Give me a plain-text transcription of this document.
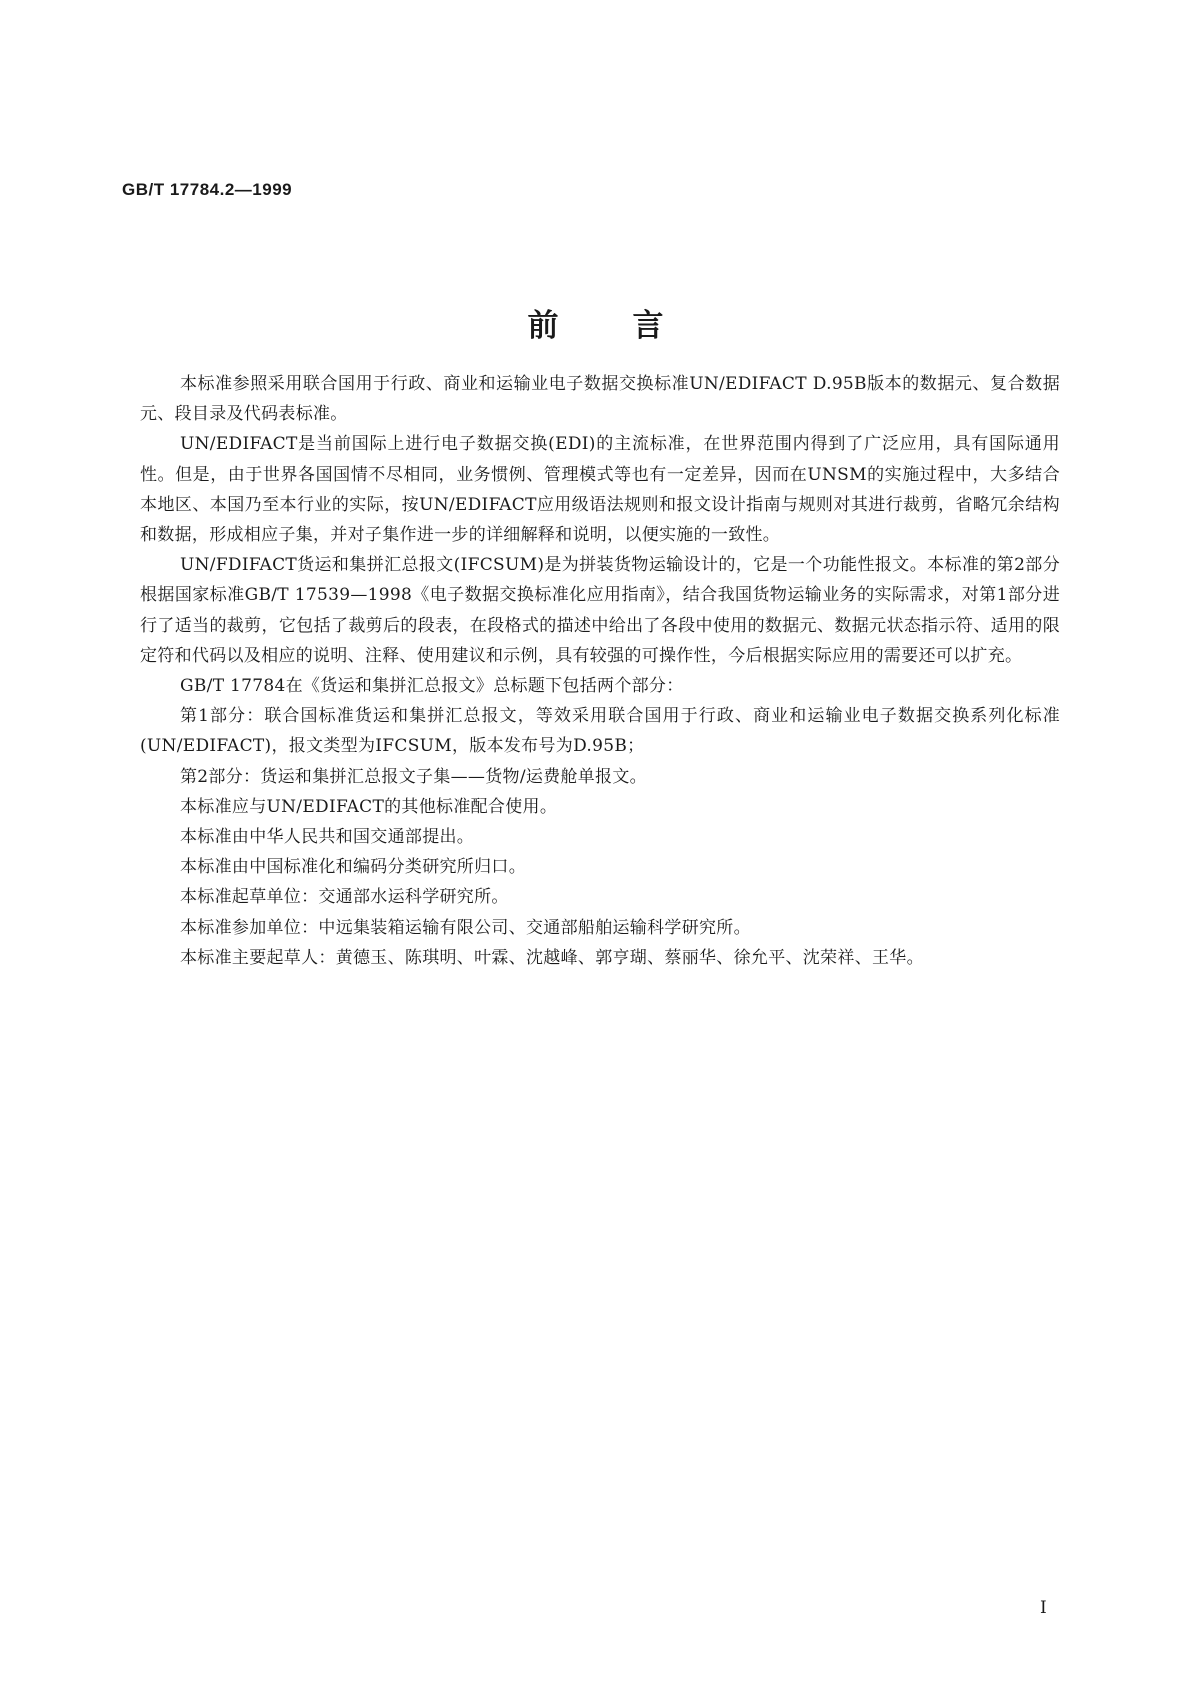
GB/T 17784.2—1999
前言

本标准参照采用联合国用于行政、商业和运输业电子数据交换标准UN/EDIFACT D.95B版本的数据元、复合数据元、段目录及代码表标准。

UN/EDIFACT是当前国际上进行电子数据交换(EDI)的主流标准，在世界范围内得到了广泛应用，具有国际通用性。但是，由于世界各国国情不尽相同，业务惯例、管理模式等也有一定差异，因而在UNSM的实施过程中，大多结合本地区、本国乃至本行业的实际，按UN/EDIFACT应用级语法规则和报文设计指南与规则对其进行裁剪，省略冗余结构和数据，形成相应子集，并对子集作进一步的详细解释和说明，以便实施的一致性。

UN/FDIFACT货运和集拼汇总报文(IFCSUM)是为拼装货物运输设计的，它是一个功能性报文。本标准的第2部分根据国家标准GB/T 17539—1998《电子数据交换标准化应用指南》，结合我国货物运输业务的实际需求，对第1部分进行了适当的裁剪，它包括了裁剪后的段表，在段格式的描述中给出了各段中使用的数据元、数据元状态指示符、适用的限定符和代码以及相应的说明、注释、使用建议和示例，具有较强的可操作性，今后根据实际应用的需要还可以扩充。

GB/T 17784在《货运和集拼汇总报文》总标题下包括两个部分：

第1部分：联合国标准货运和集拼汇总报文，等效采用联合国用于行政、商业和运输业电子数据交换系列化标准(UN/EDIFACT)，报文类型为IFCSUM，版本发布号为D.95B；

第2部分：货运和集拼汇总报文子集——货物/运费舱单报文。

本标准应与UN/EDIFACT的其他标准配合使用。

本标准由中华人民共和国交通部提出。

本标准由中国标准化和编码分类研究所归口。

本标准起草单位：交通部水运科学研究所。

本标准参加单位：中远集装箱运输有限公司、交通部船舶运输科学研究所。

本标准主要起草人：黄德玉、陈琪明、叶霖、沈越峰、郭亨瑚、蔡丽华、徐允平、沈荣祥、王华。

I
